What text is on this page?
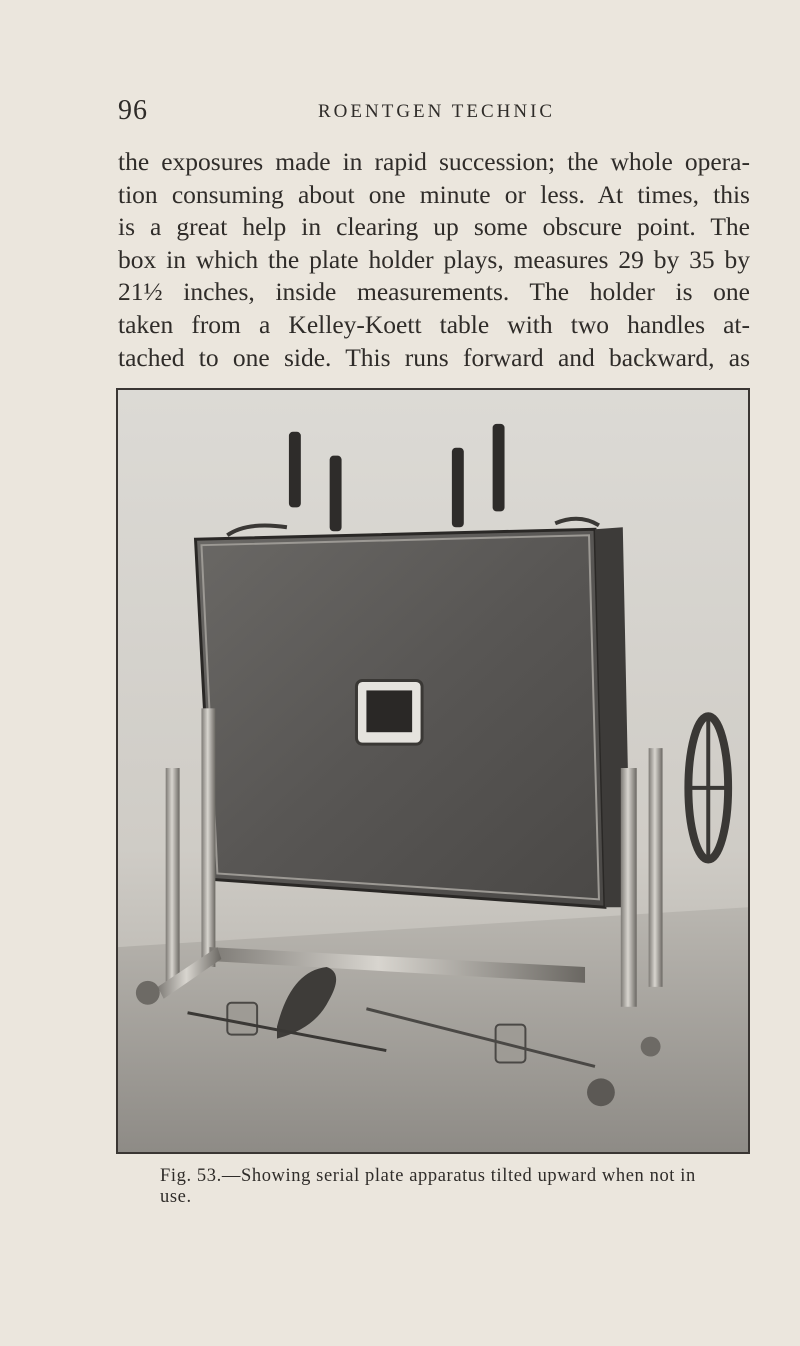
96	ROENTGEN TECHNIC
the exposures made in rapid succession; the whole opera-
tion consuming about one minute or less. At times, this
is a great help in clearing up some obscure point. The
box in which the plate holder plays, measures 29 by 35 by
21½ inches, inside measurements. The holder is one
taken from a Kelley-Koett table with two handles at-
tached to one side. This runs forward and backward, as
Fig. 53.—Showing serial plate apparatus tilted upward when not in use.
